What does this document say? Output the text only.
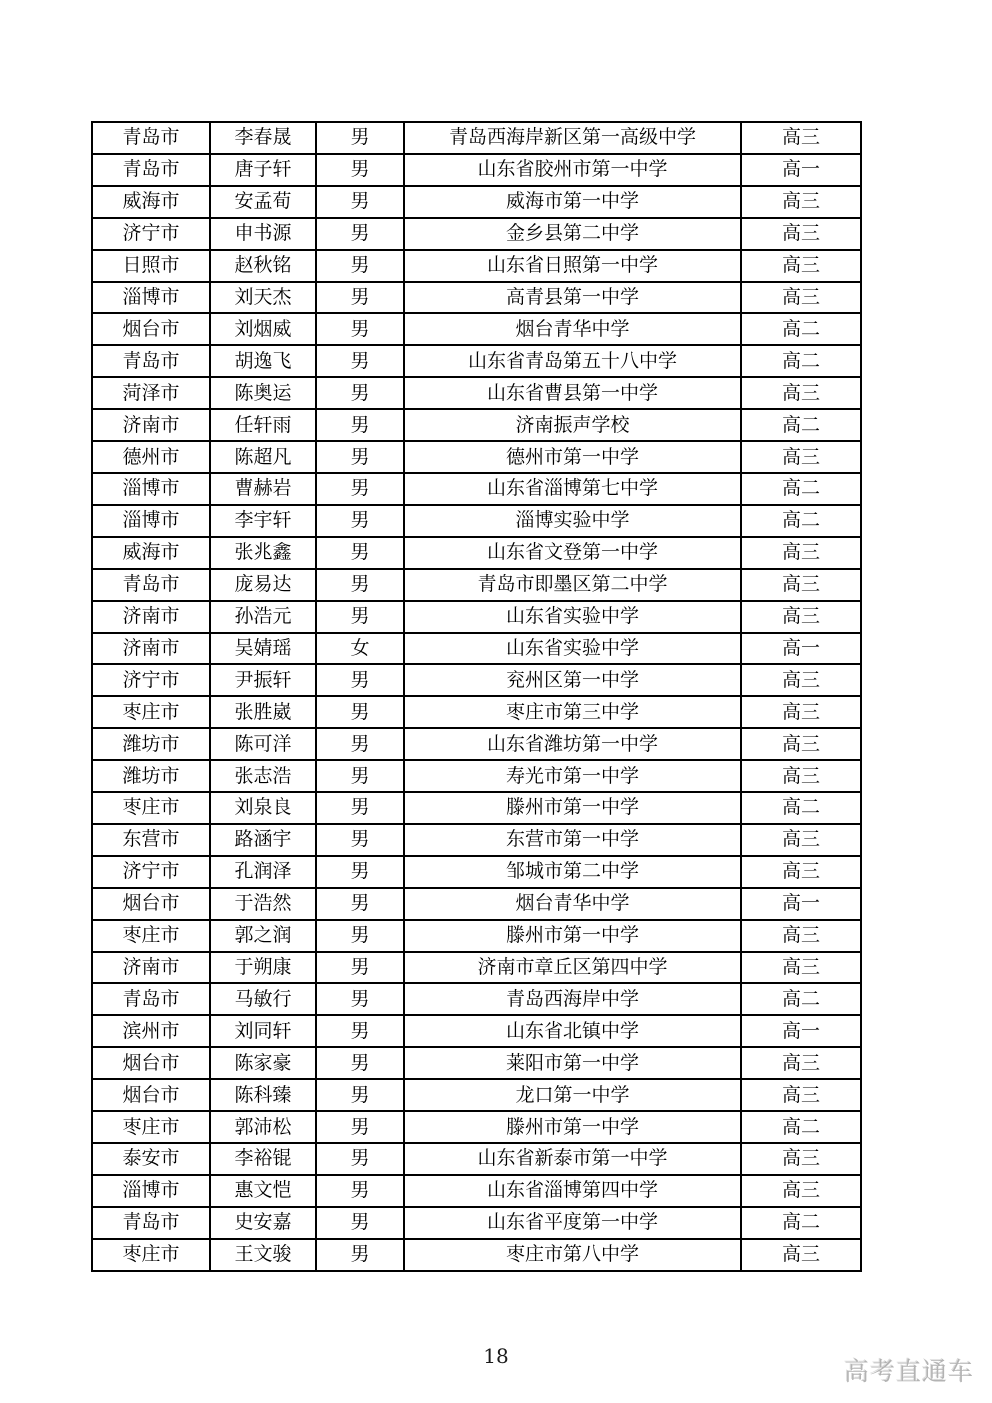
青岛市	李春晟	男	青岛西海岸新区第一高级中学	高三
青岛市	唐子轩	男	山东省胶州市第一中学	高一
威海市	安孟荀	男	威海市第一中学	高三
济宁市	申书源	男	金乡县第二中学	高三
日照市	赵秋铭	男	山东省日照第一中学	高三
淄博市	刘天杰	男	高青县第一中学	高三
烟台市	刘烟威	男	烟台青华中学	高二
青岛市	胡逸飞	男	山东省青岛第五十八中学	高二
菏泽市	陈奥运	男	山东省曹县第一中学	高三
济南市	任轩雨	男	济南振声学校	高二
德州市	陈超凡	男	德州市第一中学	高三
淄博市	曹赫岩	男	山东省淄博第七中学	高二
淄博市	李宇轩	男	淄博实验中学	高二
威海市	张兆鑫	男	山东省文登第一中学	高三
青岛市	庞易达	男	青岛市即墨区第二中学	高三
济南市	孙浩元	男	山东省实验中学	高三
济南市	吴婧瑶	女	山东省实验中学	高一
济宁市	尹振轩	男	兖州区第一中学	高三
枣庄市	张胜崴	男	枣庄市第三中学	高三
潍坊市	陈可洋	男	山东省潍坊第一中学	高三
潍坊市	张志浩	男	寿光市第一中学	高三
枣庄市	刘泉良	男	滕州市第一中学	高二
东营市	路涵宇	男	东营市第一中学	高三
济宁市	孔润泽	男	邹城市第二中学	高三
烟台市	于浩然	男	烟台青华中学	高一
枣庄市	郭之润	男	滕州市第一中学	高三
济南市	于朔康	男	济南市章丘区第四中学	高三
青岛市	马敏行	男	青岛西海岸中学	高二
滨州市	刘同轩	男	山东省北镇中学	高一
烟台市	陈家豪	男	莱阳市第一中学	高三
烟台市	陈科臻	男	龙口第一中学	高三
枣庄市	郭沛松	男	滕州市第一中学	高二
泰安市	李裕锟	男	山东省新泰市第一中学	高三
淄博市	惠文恺	男	山东省淄博第四中学	高三
青岛市	史安嘉	男	山东省平度第一中学	高二
枣庄市	王文骏	男	枣庄市第八中学	高三
18
高考直通车
